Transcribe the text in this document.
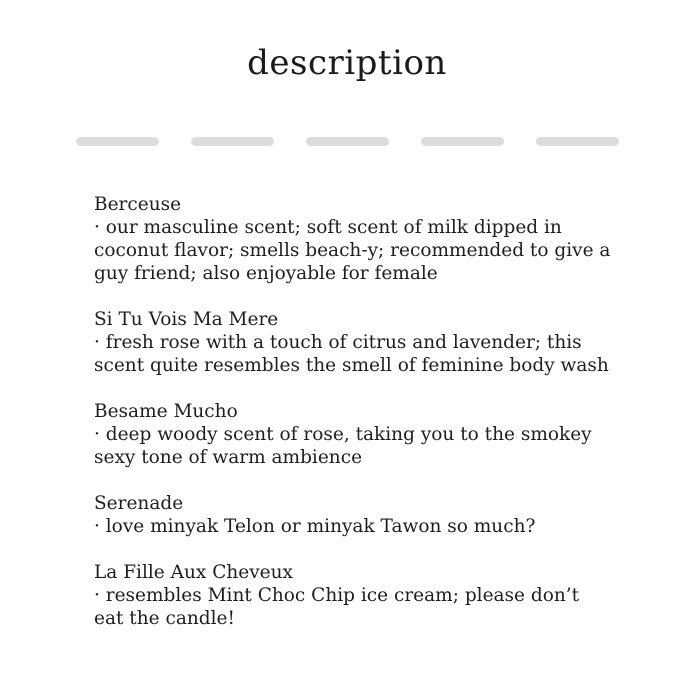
description
Berceuse
· our masculine scent; soft scent of milk dipped in coconut flavor; smells beach-y; recommended to give a guy friend; also enjoyable for female
Si Tu Vois Ma Mere
· fresh rose with a touch of citrus and lavender; this scent quite resembles the smell of feminine body wash
Besame Mucho
· deep woody scent of rose, taking you to the smokey sexy tone of warm ambience
Serenade
· love minyak Telon or minyak Tawon so much?
La Fille Aux Cheveux
· resembles Mint Choc Chip ice cream; please don’t eat the candle!
